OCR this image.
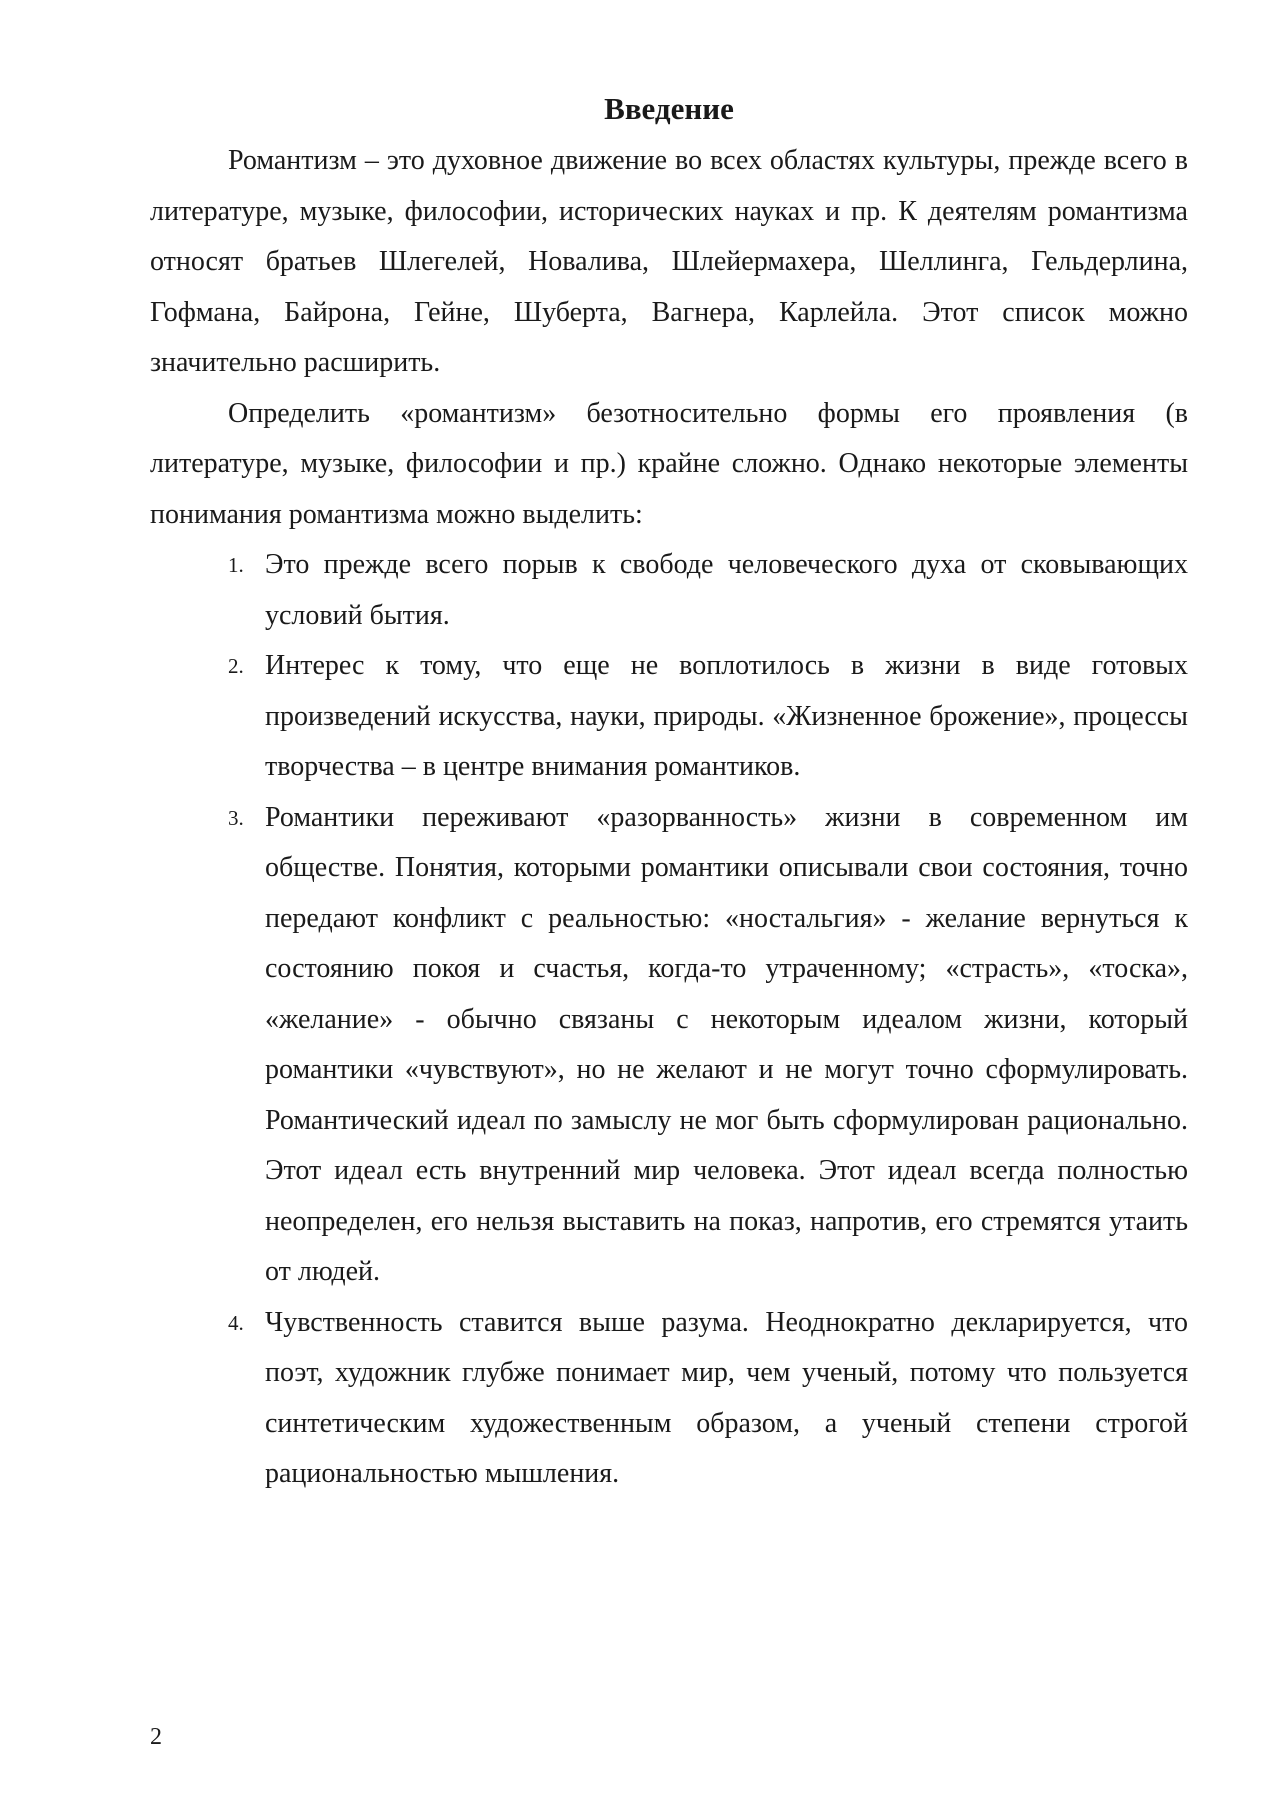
Введение

Романтизм – это духовное движение во всех областях культуры, прежде всего в литературе, музыке, философии, исторических науках и пр. К деятелям романтизма относят братьев Шлегелей, Новалива, Шлейермахера, Шеллинга, Гельдерлина, Гофмана, Байрона, Гейне, Шуберта, Вагнера, Карлейла. Этот список можно значительно расширить.

Определить «романтизм» безотносительно формы его проявления (в литературе, музыке, философии и пр.) крайне сложно. Однако некоторые элементы понимания романтизма можно выделить:

1. Это прежде всего порыв к свободе человеческого духа от сковывающих условий бытия.
2. Интерес к тому, что еще не воплотилось в жизни в виде готовых произведений искусства, науки, природы. «Жизненное брожение», процессы творчества – в центре внимания романтиков.
3. Романтики переживают «разорванность» жизни в современном им обществе. Понятия, которыми романтики описывали свои состояния, точно передают конфликт с реальностью: «ностальгия» - желание вернуться к состоянию покоя и счастья, когда-то утраченному; «страсть», «тоска», «желание» - обычно связаны с некоторым идеалом жизни, который романтики «чувствуют», но не желают и не могут точно сформулировать. Романтический идеал по замыслу не мог быть сформулирован рационально. Этот идеал есть внутренний мир человека. Этот идеал всегда полностью неопределен, его нельзя выставить на показ, напротив, его стремятся утаить от людей.
4. Чувственность ставится выше разума. Неоднократно декларируется, что поэт, художник глубже понимает мир, чем ученый, потому что пользуется синтетическим художественным образом, а ученый степени строгой рациональностью мышления.
2
